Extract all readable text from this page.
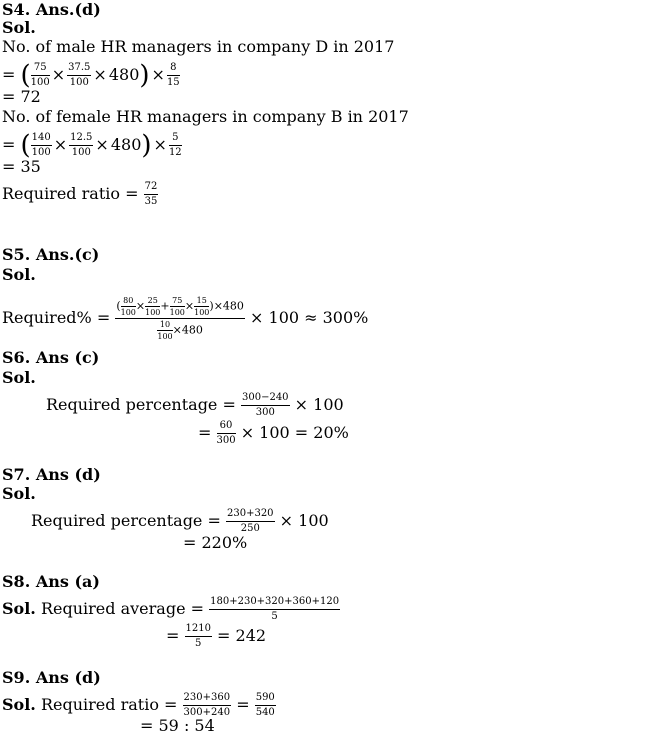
S4. Ans.(d)
Sol.
No. of male HR managers in company D in 2017
= ( $\frac{75}{100} \times \frac{37.5}{100} \times 480) \times \frac{8}{15}$
= 72
No. of female HR managers in company B in 2017
= ( $\frac{140}{100} \times \frac{12.5}{100} \times 480) \times \frac{5}{12}$
= 35
Required ratio = $\frac{72}{35}$
S5. Ans.(c)
Sol.
Required% = $\frac{( \frac{80}{100} \times \frac{25}{100} + \frac{75}{100} \times \frac{15}{100} )\times 480}{\frac{10}{100} \times 480} \times 100 \approx 300\%$
S6. Ans (c)
Sol.
Required percentage = $\frac{300-240}{300} \times 100$
= $\frac{60}{300} \times 100 = 20\%$
S7. Ans (d)
Sol.
Required percentage = $\frac{230+320}{250} \times 100$
= 220%
S8. Ans (a)
Sol. Required average = $\frac{180+230+320+360+120}{5}$
= $\frac{1210}{5} = 242$
S9. Ans (d)
Sol. Required ratio = $\frac{230+360}{300+240} = \frac{590}{540}$
= 59 : 54
